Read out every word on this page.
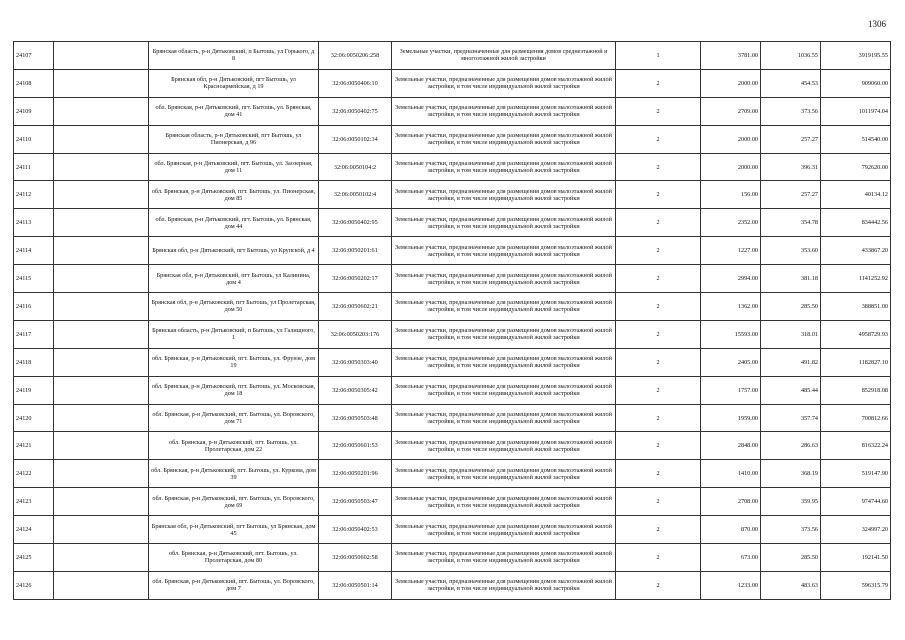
1306
24107		Брянская область, р-н Дятьковский, п Бытошь, ул Горького, д 8	32:06:0050206:258	Земельные участки, предназначенные для размещения домов среднеэтажной и многоэтажной жилой застройки	1	3781.00	1036.55	3919195.55
24108		Брянская обл, р-н Дятьковский, пгт Бытошь, ул Красноармейская, д 19	32:06:0050406:10	Земельные участки, предназначенные для размещения домов малоэтажной жилой застройки, в том числе индивидуальной жилой застройки	2	2000.00	454.53	909060.00
24109		обл. Брянская, р-н Дятьковский, пгт. Бытошь, ул. Брянская, дом 41	32:06:0050402:75	Земельные участки, предназначенные для размещения домов малоэтажной жилой застройки, в том числе индивидуальной жилой застройки	2	2709.00	373.56	1011974.04
24110		Брянская область, р-н Дятьковский, пгт Бытошь, ул Пионерская, д 96	32:06:0050102:34	Земельные участки, предназначенные для размещения домов малоэтажной жилой застройки, в том числе индивидуальной жилой застройки	2	2000.00	257.27	514540.00
24111		обл. Брянская, р-н Дятьковский, пгт. Бытошь, ул. Заозерная, дом 11	32:06:0050104:2	Земельные участки, предназначенные для размещения домов малоэтажной жилой застройки, в том числе индивидуальной жилой застройки	2	2000.00	396.31	792620.00
24112		обл. Брянская, р-н Дятьковский, пгт. Бытошь, ул. Пионерская, дом 85	32:06:0050102:4	Земельные участки, предназначенные для размещения домов малоэтажной жилой застройки, в том числе индивидуальной жилой застройки	2	156.00	257.27	40134.12
24113		обл. Брянская, р-н Дятьковский, пгт. Бытошь, ул. Брянская, дом 44	32:06:0050402:95	Земельные участки, предназначенные для размещения домов малоэтажной жилой застройки, в том числе индивидуальной жилой застройки	2	2352.00	354.78	834442.56
24114		Брянская обл, р-н Дятьковский, пгт Бытошь, ул Крупской, д 4	32:06:0050201:61	Земельные участки, предназначенные для размещения домов малоэтажной жилой застройки, в том числе индивидуальной жилой застройки	2	1227.00	353.60	433867.20
24115		Брянская обл, р-н Дятьковский, пгт Бытошь, ул Калинина, дом 4	32:06:0050202:17	Земельные участки, предназначенные для размещения домов малоэтажной жилой застройки, в том числе индивидуальной жилой застройки	2	2994.00	381.18	1141252.92
24116		Брянская обл, р-н Дятьковский, пгт Бытошь, ул Пролетарская, дом 50	32:06:0050602:21	Земельные участки, предназначенные для размещения домов малоэтажной жилой застройки, в том числе индивидуальной жилой застройки	2	1362.00	285.50	388851.00
24117		Брянская область, р-н Дятьковский, п Бытошь, ул Галищного, 1	32:06:0050203:176	Земельные участки, предназначенные для размещения домов малоэтажной жилой застройки, в том числе индивидуальной жилой застройки	2	15593.00	318.01	4958729.93
24118		обл. Брянская, р-н Дятьковский, пгт. Бытошь, ул. Фрунзе, дом 19	32:06:0050303:40	Земельные участки, предназначенные для размещения домов малоэтажной жилой застройки, в том числе индивидуальной жилой застройки	2	2405.00	491.82	1182827.10
24119		обл. Брянская, р-н Дятьковский, пгт. Бытошь, ул. Московская, дом 18	32:06:0050305:42	Земельные участки, предназначенные для размещения домов малоэтажной жилой застройки, в том числе индивидуальной жилой застройки	2	1757.00	485.44	852918.08
24120		обл. Брянская, р-н Дятьковский, пгт. Бытошь, ул. Воровского, дом 71	32:06:0050503:48	Земельные участки, предназначенные для размещения домов малоэтажной жилой застройки, в том числе индивидуальной жилой застройки	2	1959.00	357.74	700812.66
24121		обл. Брянская, р-н Дятьковский, пгт. Бытошь, ул. Пролетарская, дом 22	32:06:0050601:53	Земельные участки, предназначенные для размещения домов малоэтажной жилой застройки, в том числе индивидуальной жилой застройки	2	2848.00	286.63	816322.24
24122		обл. Брянская, р-н Дятьковский, пгт. Бытошь, ул. Куркова, дом 39	32:06:0050201:96	Земельные участки, предназначенные для размещения домов малоэтажной жилой застройки, в том числе индивидуальной жилой застройки	2	1410.00	368.19	519147.90
24123		обл. Брянская, р-н Дятьковский, пгт. Бытошь, ул. Воровского, дом 69	32:06:0050503:47	Земельные участки, предназначенные для размещения домов малоэтажной жилой застройки, в том числе индивидуальной жилой застройки	2	2708.00	359.95	974744.60
24124		Брянская обл, р-н Дятьковский, пгт Бытошь, ул Брянская, дом 45	32:06:0050402:53	Земельные участки, предназначенные для размещения домов малоэтажной жилой застройки, в том числе индивидуальной жилой застройки	2	870.00	373.56	324997.20
24125		обл. Брянская, р-н Дятьковский, пгт. Бытошь, ул. Пролетарская, дом 80	32:06:0050602:58	Земельные участки, предназначенные для размещения домов малоэтажной жилой застройки, в том числе индивидуальной жилой застройки	2	673.00	285.50	192141.50
24126		обл. Брянская, р-н Дятьковский, пгт. Бытошь, ул. Воровского, дом 7	32:06:0050501:14	Земельные участки, предназначенные для размещения домов малоэтажной жилой застройки, в том числе индивидуальной жилой застройки	2	1233.00	483.63	596315.79
